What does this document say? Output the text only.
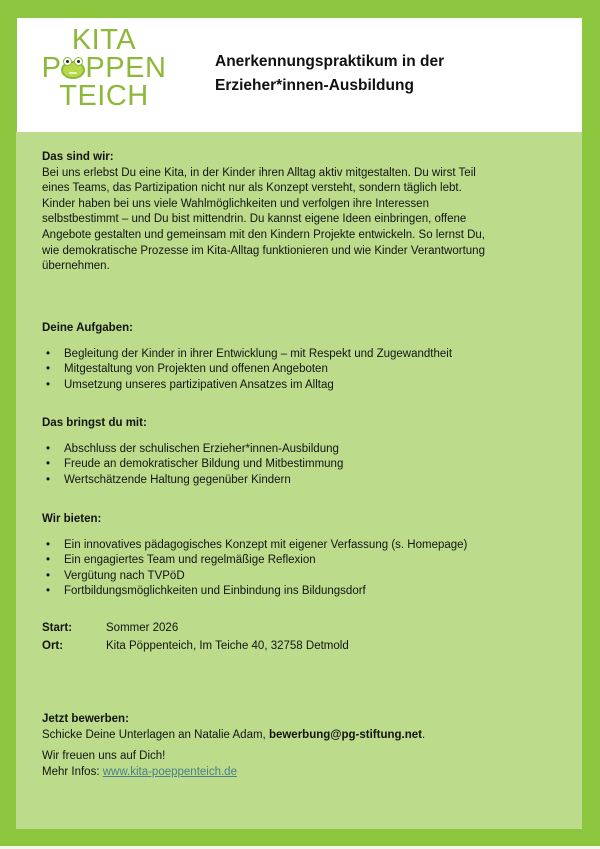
KITA
P PPEN
TEICH
Anerkennungspraktikum in der
Erzieher*innen-Ausbildung
Das sind wir:
Bei uns erlebst Du eine Kita, in der Kinder ihren Alltag aktiv mitgestalten. Du wirst Teil
eines Teams, das Partizipation nicht nur als Konzept versteht, sondern täglich lebt.
Kinder haben bei uns viele Wahlmöglichkeiten und verfolgen ihre Interessen
selbstbestimmt – und Du bist mittendrin. Du kannst eigene Ideen einbringen, offene
Angebote gestalten und gemeinsam mit den Kindern Projekte entwickeln. So lernst Du,
wie demokratische Prozesse im Kita-Alltag funktionieren und wie Kinder Verantwortung
übernehmen.
Deine Aufgaben:
• Begleitung der Kinder in ihrer Entwicklung – mit Respekt und Zugewandtheit
• Mitgestaltung von Projekten und offenen Angeboten
• Umsetzung unseres partizipativen Ansatzes im Alltag
Das bringst du mit:
• Abschluss der schulischen Erzieher*innen-Ausbildung
• Freude an demokratischer Bildung und Mitbestimmung
• Wertschätzende Haltung gegenüber Kindern
Wir bieten:
• Ein innovatives pädagogisches Konzept mit eigener Verfassung (s. Homepage)
• Ein engagiertes Team und regelmäßige Reflexion
• Vergütung nach TVPöD
• Fortbildungsmöglichkeiten und Einbindung ins Bildungsdorf
Start:	Sommer 2026
Ort:	Kita Pöppenteich, Im Teiche 40, 32758 Detmold
Jetzt bewerben:
Schicke Deine Unterlagen an Natalie Adam, bewerbung@pg-stiftung.net.
Wir freuen uns auf Dich!
Mehr Infos: www.kita-poeppenteich.de
